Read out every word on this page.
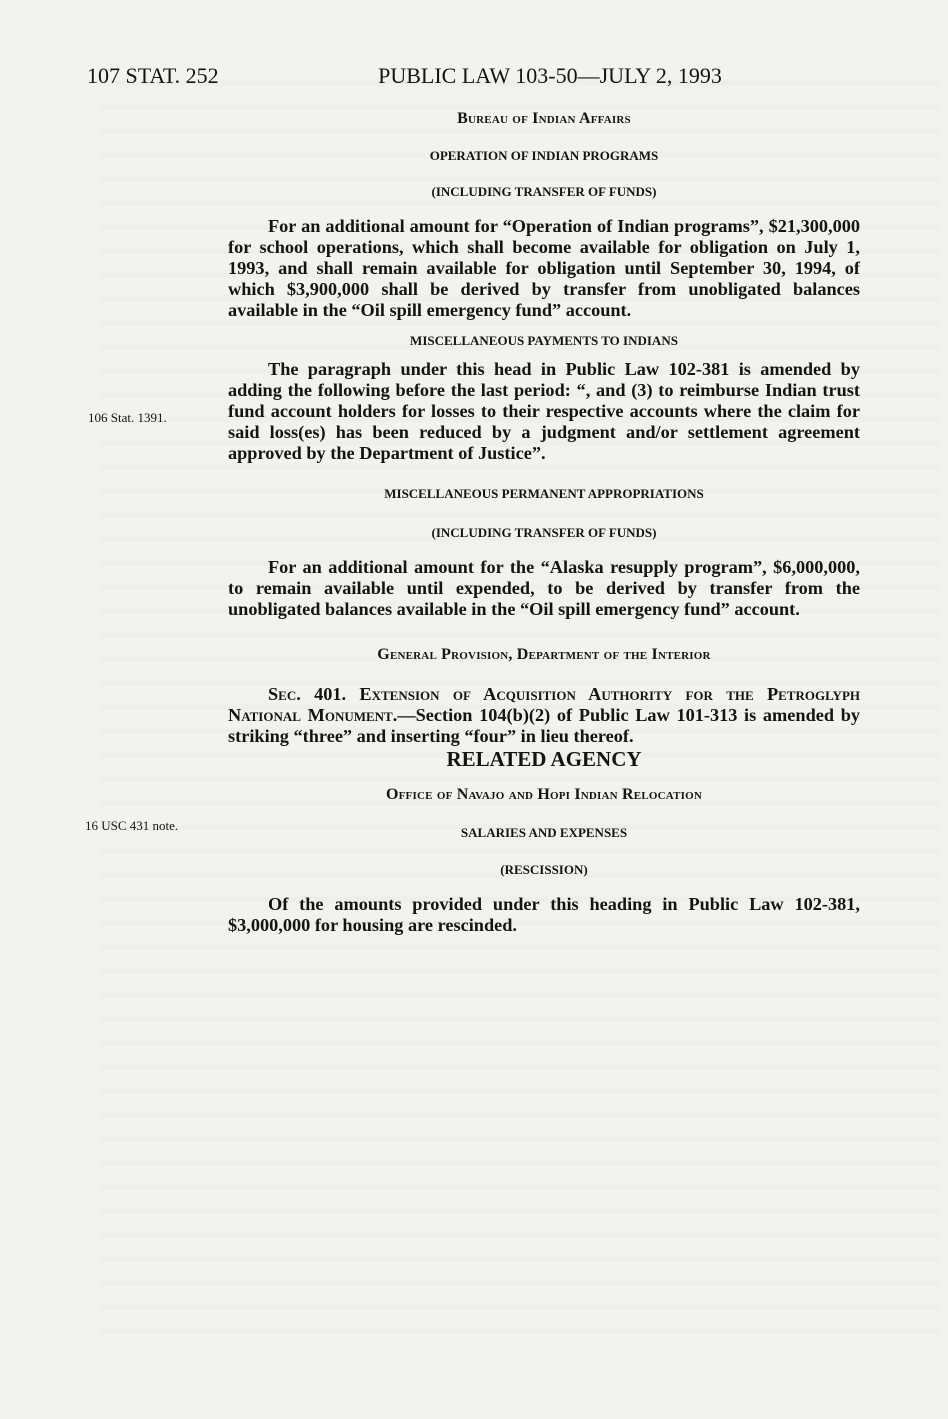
107 STAT. 252	PUBLIC LAW 103-50—JULY 2, 1993
106 Stat. 1391.
16 USC 431 note.
Bureau of Indian Affairs
OPERATION OF INDIAN PROGRAMS
(INCLUDING TRANSFER OF FUNDS)

For an additional amount for “Operation of Indian programs”, $21,300,000 for school operations, which shall become available for obligation on July 1, 1993, and shall remain available for obligation until September 30, 1994, of which $3,900,000 shall be derived by transfer from unobligated balances available in the “Oil spill emergency fund” account.

MISCELLANEOUS PAYMENTS TO INDIANS

The paragraph under this head in Public Law 102-381 is amended by adding the following before the last period: “, and (3) to reimburse Indian trust fund account holders for losses to their respective accounts where the claim for said loss(es) has been reduced by a judgment and/or settlement agreement approved by the Department of Justice”.

MISCELLANEOUS PERMANENT APPROPRIATIONS
(INCLUDING TRANSFER OF FUNDS)

For an additional amount for the “Alaska resupply program”, $6,000,000, to remain available until expended, to be derived by transfer from the unobligated balances available in the “Oil spill emergency fund” account.

General Provision, Department of the Interior

Sec. 401. Extension of Acquisition Authority for the Petroglyph National Monument.—Section 104(b)(2) of Public Law 101-313 is amended by striking “three” and inserting “four” in lieu thereof.

RELATED AGENCY
Office of Navajo and Hopi Indian Relocation
SALARIES AND EXPENSES
(RESCISSION)

Of the amounts provided under this heading in Public Law 102-381, $3,000,000 for housing are rescinded.
